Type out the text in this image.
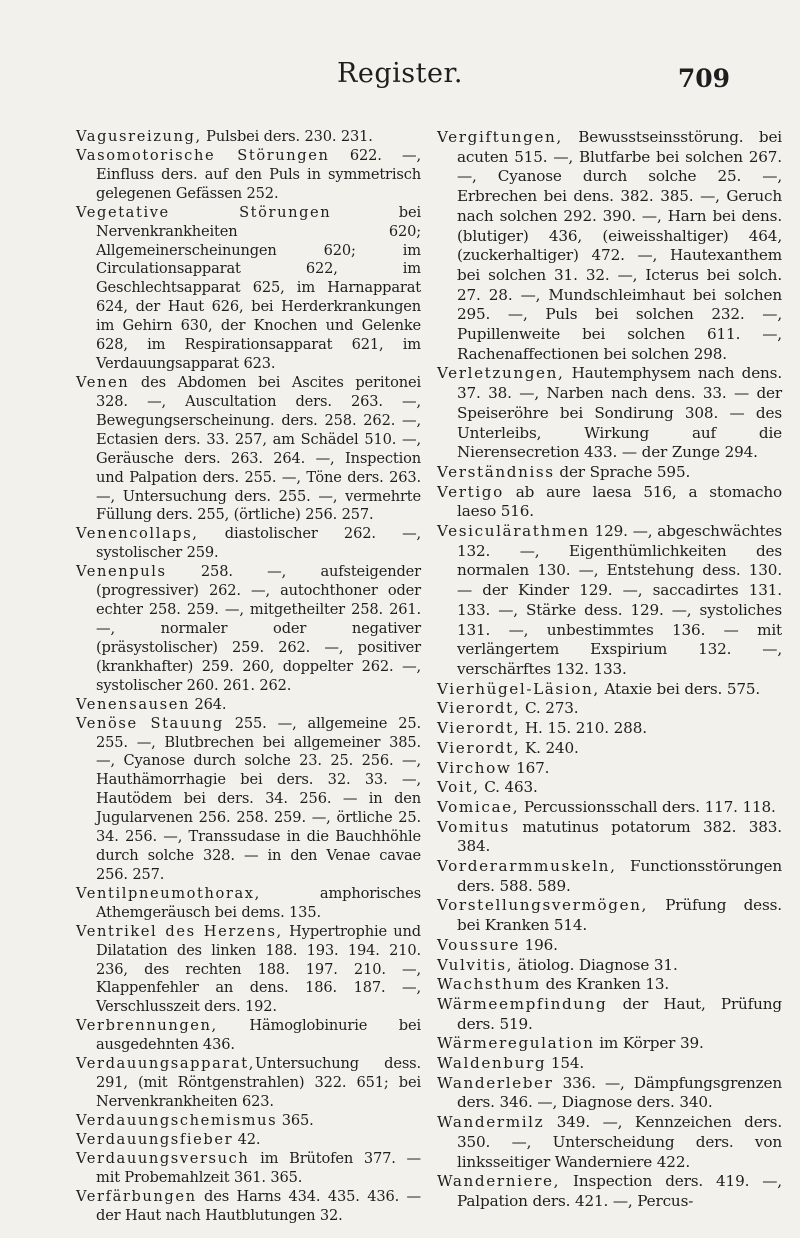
Register.	709

Vagusreizung, Pulsbei ders. 230. 231.

Vasomotorische Störungen 622. —, Einfluss ders. auf den Puls in symmetrisch gelegenen Gefässen 252.

Vegetative Störungen bei Nervenkrankheiten 620; Allgemeinerscheinungen 620; im Circulationsapparat 622, im Geschlechtsapparat 625, im Harnapparat 624, der Haut 626, bei Herderkrankungen im Gehirn 630, der Knochen und Gelenke 628, im Respirationsapparat 621, im Verdauungsapparat 623.

Venen des Abdomen bei Ascites peritonei 328. —, Auscultation ders. 263. —, Bewegungserscheinung. ders. 258. 262. —, Ectasien ders. 33. 257, am Schädel 510. —, Geräusche ders. 263. 264. —, Inspection und Palpation ders. 255. —, Töne ders. 263. —, Untersuchung ders. 255. —, vermehrte Füllung ders. 255, (örtliche) 256. 257.

Venencollaps, diastolischer 262. —, systolischer 259.

Venenpuls 258. —, aufsteigender (progressiver) 262. —, autochthoner oder echter 258. 259. —, mitgetheilter 258. 261. —, normaler oder negativer (präsystolischer) 259. 262. —, positiver (krankhafter) 259. 260, doppelter 262. —, systolischer 260. 261. 262.

Venensausen 264.

Venöse Stauung 255. —, allgemeine 25. 255. —, Blutbrechen bei allgemeiner 385. —, Cyanose durch solche 23. 25. 256. —, Hauthämorrhagie bei ders. 32. 33. —, Hautödem bei ders. 34. 256. — in den Jugularvenen 256. 258. 259. —, örtliche 25. 34. 256. —, Transsudase in die Bauchhöhle durch solche 328. — in den Venae cavae 256. 257.

Ventilpneumothorax, amphorisches Athemgeräusch bei dems. 135.

Ventrikel des Herzens, Hypertrophie und Dilatation des linken 188. 193. 194. 210. 236, des rechten 188. 197. 210. —, Klappenfehler an dens. 186. 187. —, Verschlusszeit ders. 192.

Verbrennungen, Hämoglobinurie bei ausgedehnten 436.

Verdauungsapparat,Untersuchung dess. 291, (mit Röntgenstrahlen) 322. 651; bei Nervenkrankheiten 623.

Verdauungschemismus 365.

Verdauungsfieber 42.

Verdauungsversuch im Brütofen 377. — mit Probemahlzeit 361. 365.

Verfärbungen des Harns 434. 435. 436. — der Haut nach Hautblutungen 32.

Vergiftungen, Bewusstseinsstörung. bei acuten 515. —, Blutfarbe bei solchen 267. —, Cyanose durch solche 25. —, Erbrechen bei dens. 382. 385. —, Geruch nach solchen 292. 390. —, Harn bei dens. (blutiger) 436, (eiweisshaltiger) 464, (zuckerhaltiger) 472. —, Hautexanthem bei solchen 31. 32. —, Icterus bei solch. 27. 28. —, Mundschleimhaut bei solchen 295. —, Puls bei solchen 232. —, Pupillenweite bei solchen 611. —, Rachenaffectionen bei solchen 298.

Verletzungen, Hautemphysem nach dens. 37. 38. —, Narben nach dens. 33. — der Speiseröhre bei Sondirung 308. — des Unterleibs, Wirkung auf die Nierensecretion 433. — der Zunge 294.

Verständniss der Sprache 595.

Vertigo ab aure laesa 516, a stomacho laeso 516.

Vesiculärathmen 129. —, abgeschwächtes 132. —, Eigenthümlichkeiten des normalen 130. —, Entstehung dess. 130. — der Kinder 129. —, saccadirtes 131. 133. —, Stärke dess. 129. —, systoliches 131. —, unbestimmtes 136. — mit verlängertem Exspirium 132. —, verschärftes 132. 133.

Vierhügel-Läsion, Ataxie bei ders. 575.

Vierordt, C. 273.

Vierordt, H. 15. 210. 288.

Vierordt, K. 240.

Virchow 167.

Voit, C. 463.

Vomicae, Percussionsschall ders. 117. 118.

Vomitus matutinus potatorum 382. 383. 384.

Vorderarmmuskeln, Functionsstörungen ders. 588. 589.

Vorstellungsvermögen, Prüfung dess. bei Kranken 514.

Voussure 196.

Vulvitis, ätiolog. Diagnose 31.

Wachsthum des Kranken 13.

Wärmeempfindung der Haut, Prüfung ders. 519.

Wärmeregulation im Körper 39.

Waldenburg 154.

Wanderleber 336. —, Dämpfungsgrenzen ders. 346. —, Diagnose ders. 340.

Wandermilz 349. —, Kennzeichen ders. 350. —, Unterscheidung ders. von linksseitiger Wanderniere 422.

Wanderniere, Inspection ders. 419. —, Palpation ders. 421. —, Percus-
